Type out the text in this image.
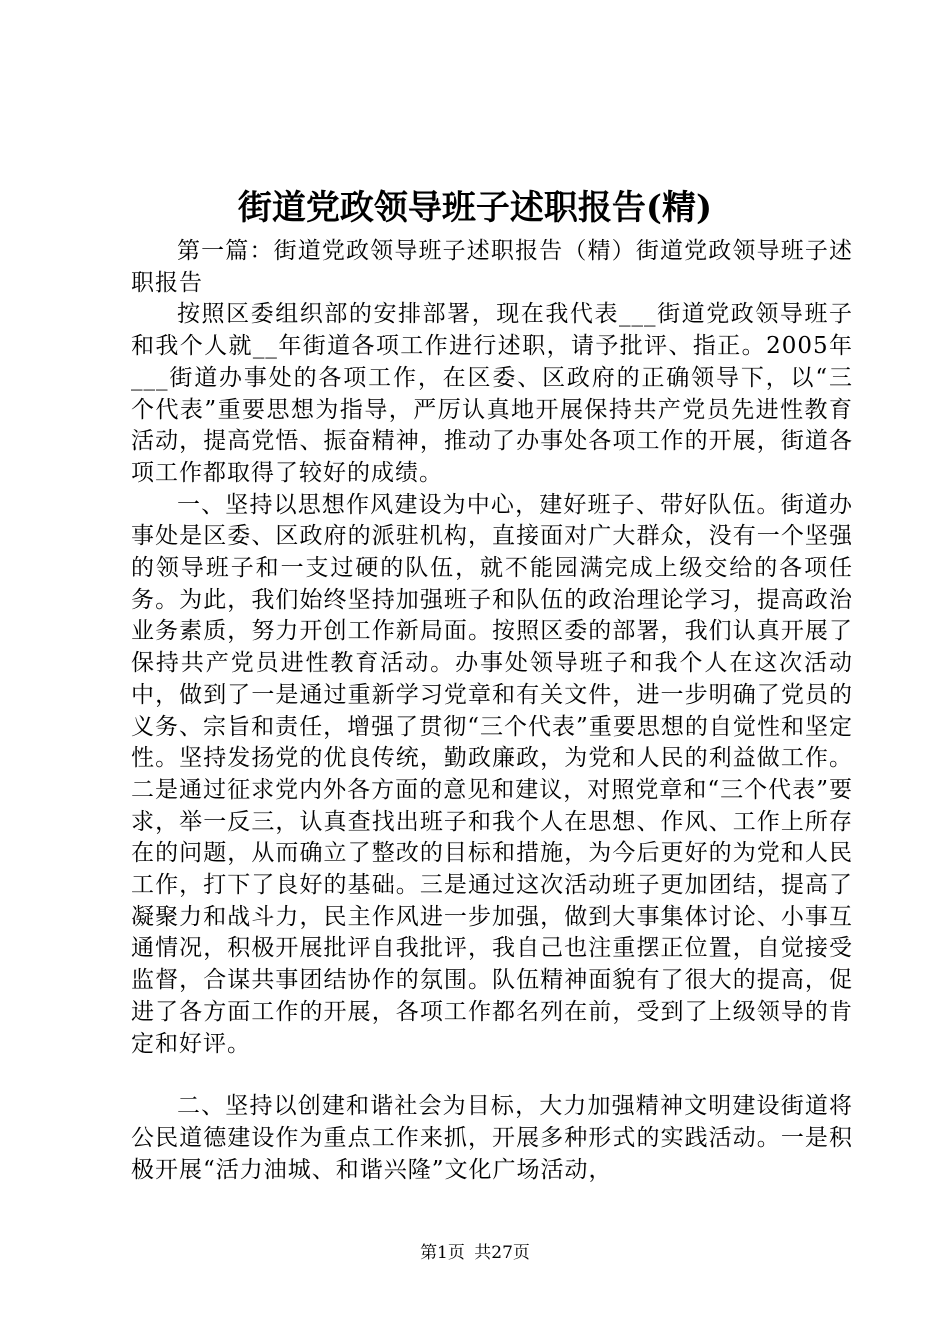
街道党政领导班子述职报告(精)

第一篇：街道党政领导班子述职报告（精）街道党政领导班子述职报告

按照区委组织部的安排部署，现在我代表___街道党政领导班子和我个人就__年街道各项工作进行述职，请予批评、指正。2005年___街道办事处的各项工作，在区委、区政府的正确领导下，以“三个代表”重要思想为指导，严厉认真地开展保持共产党员先进性教育活动，提高党悟、振奋精神，推动了办事处各项工作的开展，街道各项工作都取得了较好的成绩。

一、坚持以思想作风建设为中心，建好班子、带好队伍。街道办事处是区委、区政府的派驻机构，直接面对广大群众，没有一个坚强的领导班子和一支过硬的队伍，就不能园满完成上级交给的各项任务。为此，我们始终坚持加强班子和队伍的政治理论学习，提高政治业务素质，努力开创工作新局面。按照区委的部署，我们认真开展了保持共产党员进性教育活动。办事处领导班子和我个人在这次活动中，做到了一是通过重新学习党章和有关文件，进一步明确了党员的义务、宗旨和责任，增强了贯彻“三个代表”重要思想的自觉性和坚定性。坚持发扬党的优良传统，勤政廉政，为党和人民的利益做工作。二是通过征求党内外各方面的意见和建议，对照党章和“三个代表”要求，举一反三，认真查找出班子和我个人在思想、作风、工作上所存在的问题，从而确立了整改的目标和措施，为今后更好的为党和人民工作，打下了良好的基础。三是通过这次活动班子更加团结，提高了凝聚力和战斗力，民主作风进一步加强，做到大事集体讨论、小事互通情况，积极开展批评自我批评，我自己也注重摆正位置，自觉接受监督，合谋共事团结协作的氛围。队伍精神面貌有了很大的提高，促进了各方面工作的开展，各项工作都名列在前，受到了上级领导的肯定和好评。

二、坚持以创建和谐社会为目标，大力加强精神文明建设街道将公民道德建设作为重点工作来抓，开展多种形式的实践活动。一是积极开展“活力油城、和谐兴隆”文化广场活动，

第1页 共27页
